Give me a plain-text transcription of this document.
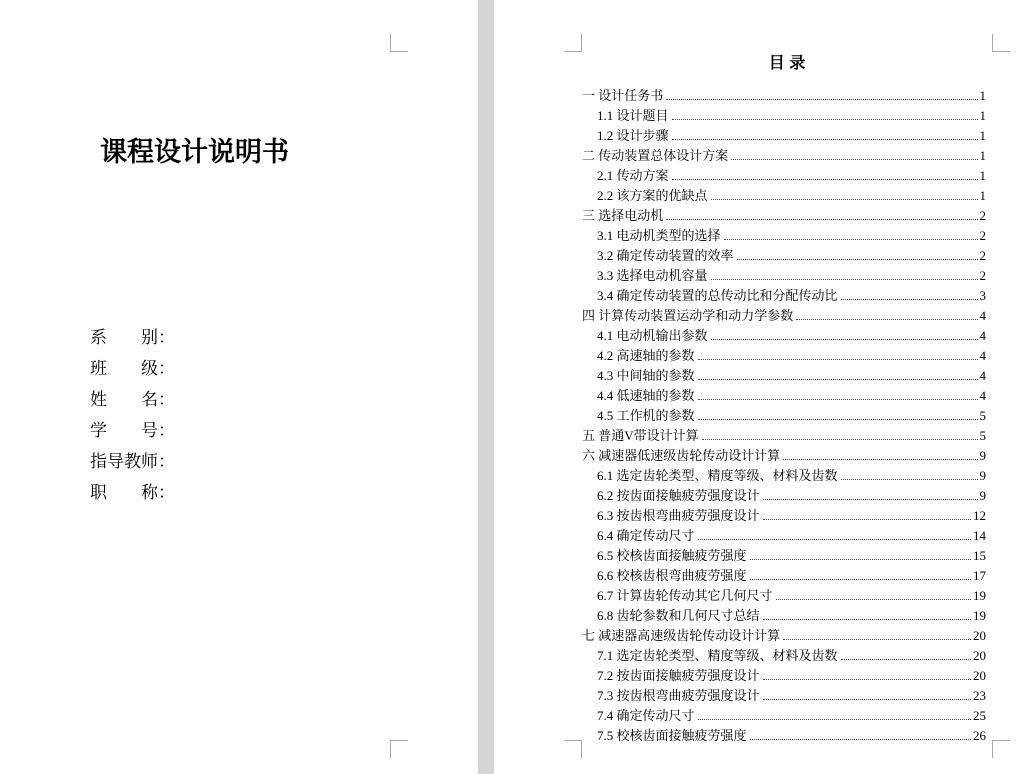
课程设计说明书
系　　别：
班　　级：
姓　　名：
学　　号：
指导教师：
职　　称：
目 录
一 设计任务书	1
1.1 设计题目	1
1.2 设计步骤	1
二 传动装置总体设计方案	1
2.1 传动方案	1
2.2 该方案的优缺点	1
三 选择电动机	2
3.1 电动机类型的选择	2
3.2 确定传动装置的效率	2
3.3 选择电动机容量	2
3.4 确定传动装置的总传动比和分配传动比	3
四 计算传动装置运动学和动力学参数	4
4.1 电动机输出参数	4
4.2 高速轴的参数	4
4.3 中间轴的参数	4
4.4 低速轴的参数	4
4.5 工作机的参数	5
五 普通V带设计计算	5
六 减速器低速级齿轮传动设计计算	9
6.1 选定齿轮类型、精度等级、材料及齿数	9
6.2 按齿面接触疲劳强度设计	9
6.3 按齿根弯曲疲劳强度设计	12
6.4 确定传动尺寸	14
6.5 校核齿面接触疲劳强度	15
6.6 校核齿根弯曲疲劳强度	17
6.7 计算齿轮传动其它几何尺寸	19
6.8 齿轮参数和几何尺寸总结	19
七 减速器高速级齿轮传动设计计算	20
7.1 选定齿轮类型、精度等级、材料及齿数	20
7.2 按齿面接触疲劳强度设计	20
7.3 按齿根弯曲疲劳强度设计	23
7.4 确定传动尺寸	25
7.5 校核齿面接触疲劳强度	26
